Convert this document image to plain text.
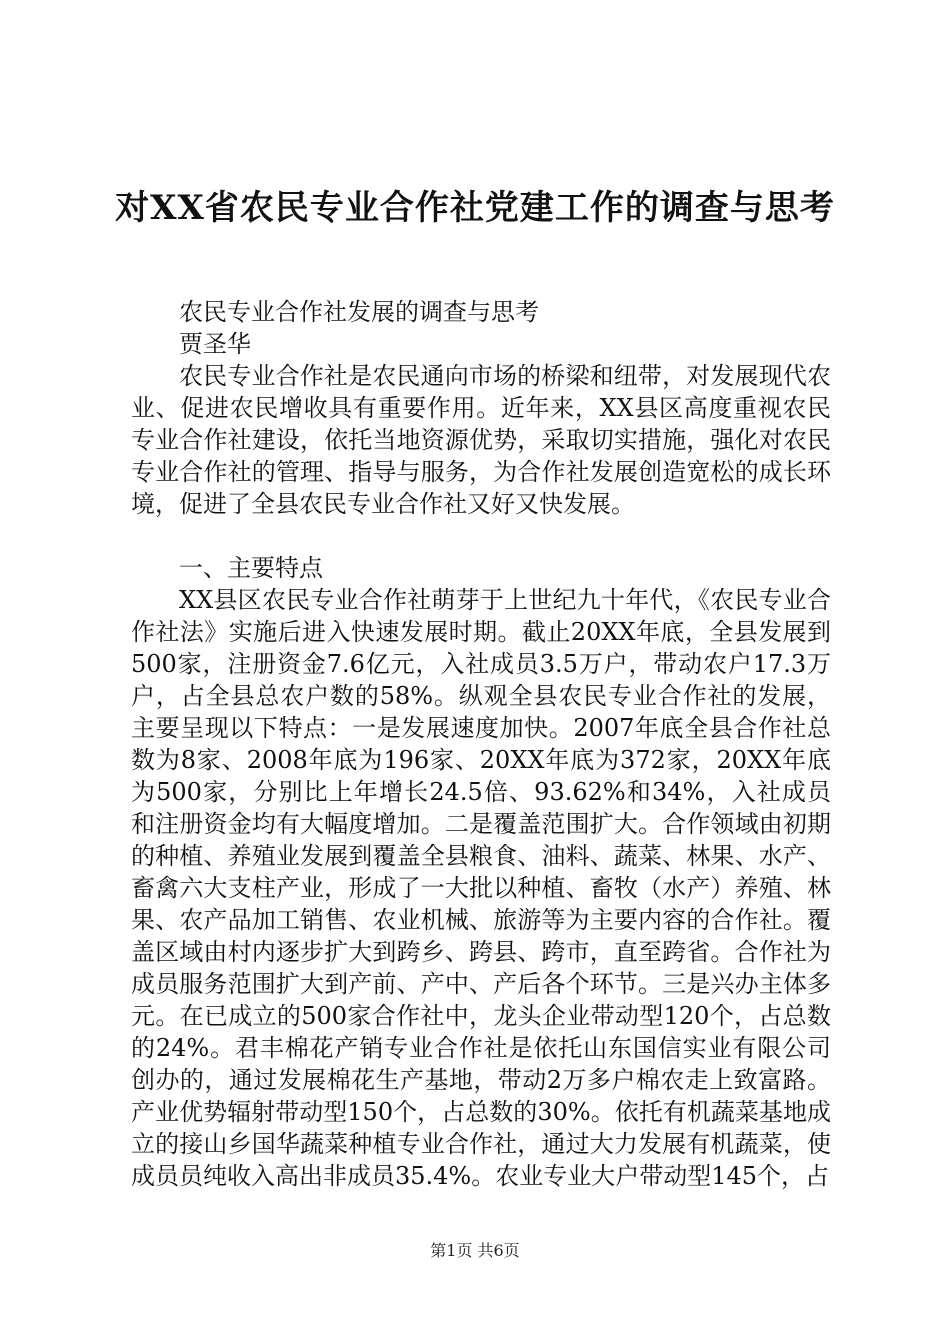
对XX省农民专业合作社党建工作的调查与思考

农民专业合作社发展的调查与思考

贾圣华

农民专业合作社是农民通向市场的桥梁和纽带，对发展现代农业、促进农民增收具有重要作用。近年来，XX县区高度重视农民专业合作社建设，依托当地资源优势，采取切实措施，强化对农民专业合作社的管理、指导与服务，为合作社发展创造宽松的成长环境，促进了全县农民专业合作社又好又快发展。

一、主要特点

XX县区农民专业合作社萌芽于上世纪九十年代，《农民专业合作社法》实施后进入快速发展时期。截止20XX年底，全县发展到500家，注册资金7.6亿元，入社成员3.5万户，带动农户17.3万户，占全县总农户数的58%。纵观全县农民专业合作社的发展，主要呈现以下特点：一是发展速度加快。2007年底全县合作社总数为8家、2008年底为196家、20XX年底为372家，20XX年底为500家，分别比上年增长24.5倍、93.62%和34%，入社成员和注册资金均有大幅度增加。二是覆盖范围扩大。合作领域由初期的种植、养殖业发展到覆盖全县粮食、油料、蔬菜、林果、水产、畜禽六大支柱产业，形成了一大批以种植、畜牧（水产）养殖、林果、农产品加工销售、农业机械、旅游等为主要内容的合作社。覆盖区域由村内逐步扩大到跨乡、跨县、跨市，直至跨省。合作社为成员服务范围扩大到产前、产中、产后各个环节。三是兴办主体多元。在已成立的500家合作社中，龙头企业带动型120个，占总数的24%。君丰棉花产销专业合作社是依托山东国信实业有限公司创办的，通过发展棉花生产基地，带动2万多户棉农走上致富路。产业优势辐射带动型150个，占总数的30%。依托有机蔬菜基地成立的接山乡国华蔬菜种植专业合作社，通过大力发展有机蔬菜，使成员员纯收入高出非成员35.4%。农业专业大户带动型145个，占

第1页 共6页
